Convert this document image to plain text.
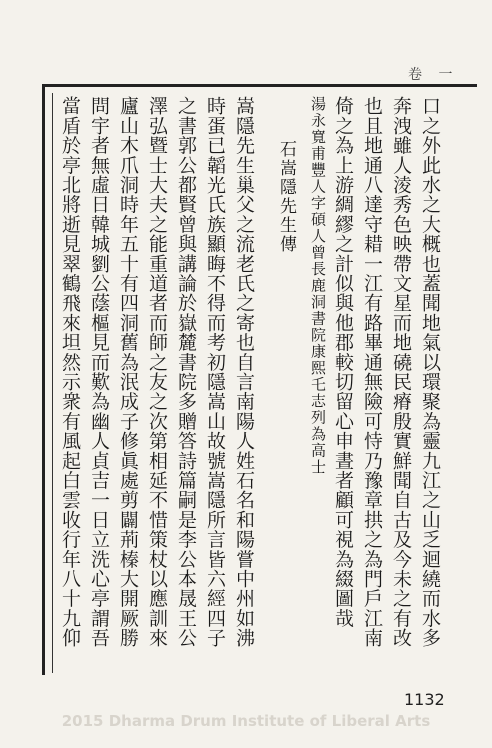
卷 一
口之外此水之大概也蓋聞地氣以環聚為靈九江之山乏迴繞而水多
奔洩雖人淩秀色映帶文星而地磽民瘠殷實鮮聞自古及今未之有改
也且地通八達守耤一江有路畢通無險可恃乃豫章拱之為門戶江南
倚之為上游綢繆之計似與他郡較切留心申晝者顧可視為綴圖哉
湯永寬甫豐人字碩人曾長鹿洞書院康熙乇志列為高士
石嵩隱先生傳
嵩隱先生巢父之流老氏之寄也自言南陽人姓石名和陽嘗中州如沸
時蛋已韜光氏族顯晦不得而考初隱嵩山故號嵩隱所言皆六經四子
之書郭公都賢曾與講論於嶽麓書院多贈答詩篇嗣是李公本晟王公
澤弘暨士大夫之能重道者而師之友之次第相延不惜策杖以應訓來
廬山木爪洞時年五十有四洞舊為泯成子修眞處剪闢荊榛大開厥勝
問宇者無虛日韓城劉公蔭樞見而歎為幽人貞吉一日立洗心亭謂吾
當盾於亭北將逝見翠鶴飛來坦然示衆有風起白雲收行年八十九仰
1132
2015 Dharma Drum Institute of Liberal Arts
